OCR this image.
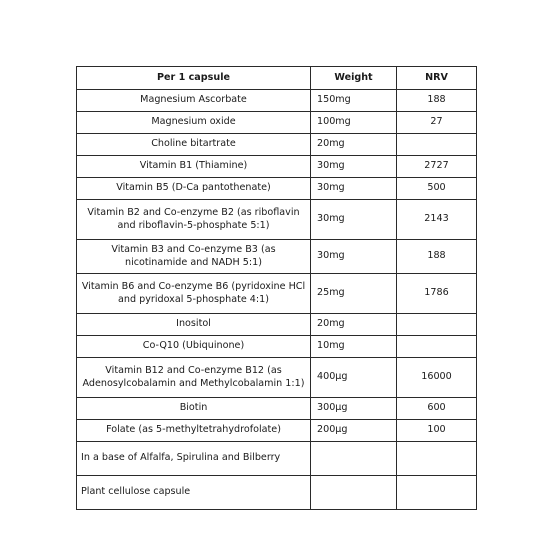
Per 1 capsule	Weight	NRV
Magnesium Ascorbate	150mg	188
Magnesium oxide	100mg	27
Choline bitartrate	20mg	
Vitamin B1 (Thiamine)	30mg	2727
Vitamin B5 (D-Ca pantothenate)	30mg	500
Vitamin B2 and Co-enzyme B2 (as riboflavin and riboflavin-5-phosphate 5:1)	30mg	2143
Vitamin B3 and Co-enzyme B3 (as nicotinamide and NADH 5:1)	30mg	188
Vitamin B6 and Co-enzyme B6 (pyridoxine HCl and pyridoxal 5-phosphate 4:1)	25mg	1786
Inositol	20mg	
Co-Q10 (Ubiquinone)	10mg	
Vitamin B12 and Co-enzyme B12 (as Adenosylcobalamin and Methylcobalamin 1:1)	400µg	16000
Biotin	300µg	600
Folate (as 5-methyltetrahydrofolate)	200µg	100
In a base of Alfalfa, Spirulina and Bilberry		
Plant cellulose capsule		
